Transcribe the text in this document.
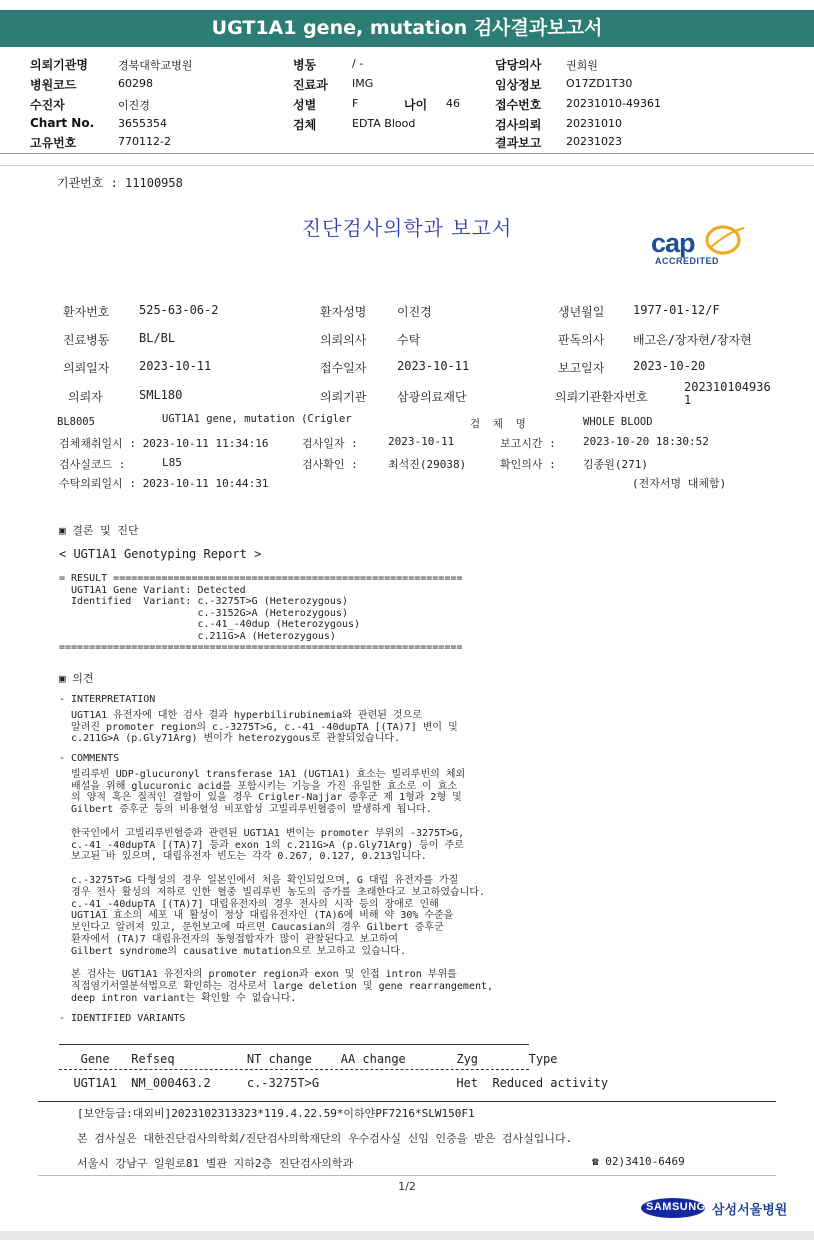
UGT1A1 gene, mutation 검사결과보고서
의뢰기관명	경북대학교병원	병동	/ -	담당의사 권희원
병원코드	60298	진료과 IMG	임상정보 O17ZD1T30
수진자	이진경	성별	F	접수번호 20231010-49361
Chart No. 3655354	검체	EDTA Blood	검사의뢰 20231010
고유번호	770112-2	결과보고 20231023
나이 46
기관번호 : 11100958
진단검사의학과 보고서	cap
ACCREDITED
환자번호 525-63-06-2	환자성명	이진경	생년월일 1977-01-12/F
진료병동 BL/BL	의뢰의사	수탁	판독의사 배고은/장자현/장자현
의뢰일자 2023-10-11	접수일자	2023-10-11	보고일자 2023-10-20
의뢰자	SML180	의뢰기관	삼광의료재단	의뢰기관환자번호
202310104936
1
BL8005	UGT1A1 gene, mutation (Crigler	검  체  명	WHOLE BLOOD
검체채취일시 : 2023-10-11 11:34:16	검사일자 :	2023-10-11	보고시간 : 2023-10-20 18:30:52
검사실코드 :	L85	검사확인 :	최석진(29038)	확인의사 : 김종원(271)
수탁의뢰일시 : 2023-10-11 10:44:31	(전자서명 대체함)
▣ 결론 및 진단
< UGT1A1 Genotyping Report >
= RESULT ==========================================================
UGT1A1 Gene Variant: Detected
Identified  Variant: c.-3275T>G (Heterozygous)
c.-3152G>A (Heterozygous)
c.-41_-40dup (Heterozygous)
c.211G>A (Heterozygous)
===================================================================
▣ 의견
- INTERPRETATION
UGT1A1 유전자에 대한 검사 결과 hyperbilirubinemia와 관련된 것으로
알려진 promoter region의 c.-3275T>G, c.-41_-40dupTA [(TA)7] 변이 및
c.211G>A (p.Gly71Arg) 변이가 heterozygous로 관찰되었습니다.
- COMMENTS
빌리루빈 UDP-glucuronyl transferase 1A1 (UGT1A1) 효소는 빌리루빈의 체외
배설을 위해 glucuronic acid를 포함시키는 기능을 가진 유일한 효소로 이 효소
의 양적 혹은 질적인 결함이 있을 경우 Crigler-Najjar 증후군 제 1형과 2형 및
Gilbert 증후군 등의 비용혈성 비포합성 고빌리루빈혈증이 발생하게 됩니다.
한국인에서 고빌리루빈혈증과 관련된 UGT1A1 변이는 promoter 부위의 -3275T>G,
c.-41_-40dupTA [(TA)7] 등과 exon 1의 c.211G>A (p.Gly71Arg) 등이 주로
보고된 바 있으며, 대립유전자 빈도는 각각 0.267, 0.127, 0.213입니다.
c.-3275T>G 다형성의 경우 일본인에서 처음 확인되었으며, G 대립 유전자를 가질
경우 전사 활성의 저하로 인한 혈중 빌리루빈 농도의 증가를 초래한다고 보고하였습니다.
c.-41_-40dupTA [(TA)7] 대립유전자의 경우 전사의 시작 등의 장애로 인해
UGT1A1 효소의 세포 내 활성이 정상 대립유전자인 (TA)6에 비해 약 30% 수준을
보인다고 알려져 있고, 문헌보고에 따르면 Caucasian의 경우 Gilbert 증후군
환자에서 (TA)7 대립유전자의 동형접합자가 많이 관찰된다고 보고하여
Gilbert syndrome의 causative mutation으로 보고하고 있습니다.
본 검사는 UGT1A1 유전자의 promoter region과 exon 및 인접 intron 부위를
직접염기서열분석법으로 확인하는 검사로서 large deletion 및 gene rearrangement,
deep intron variant는 확인할 수 없습니다.
- IDENTIFIED VARIANTS
Gene   Refseq          NT change    AA change       Zyg       Type
UGT1A1  NM_000463.2     c.-3275T>G                   Het  Reduced activity
[보안등급:대외비]2023102313323*119.4.22.59*이하얀PF7216*SLW150F1
본 검사실은 대한진단검사의학회/진단검사의학재단의 우수검사실 신임 인증을 받은 검사실입니다.
서울시 강남구 일원로81 별관 지하2층 진단검사의학과	☎ 02)3410-6469
1/2
SAMSUNG 삼성서울병원
